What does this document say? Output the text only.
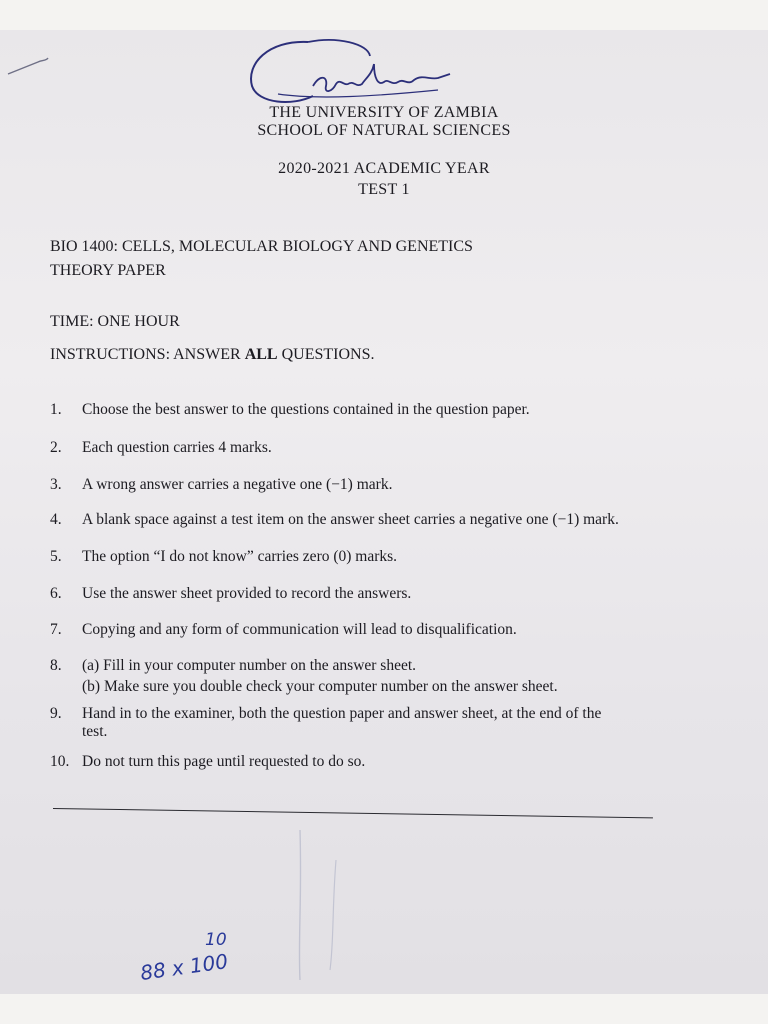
THE UNIVERSITY OF ZAMBIA
SCHOOL OF NATURAL SCIENCES
2020-2021 ACADEMIC YEAR
TEST 1
BIO 1400: CELLS, MOLECULAR BIOLOGY AND GENETICS
THEORY PAPER
TIME: ONE HOUR
INSTRUCTIONS: ANSWER ALL QUESTIONS.
1.	Choose the best answer to the questions contained in the question paper.
2.	Each question carries 4 marks.
3.	A wrong answer carries a negative one (−1) mark.
4.	A blank space against a test item on the answer sheet carries a negative one (−1) mark.
5.	The option “I do not know” carries zero (0) marks.
6.	Use the answer sheet provided to record the answers.
7.	Copying and any form of communication will lead to disqualification.
8.	(a) Fill in your computer number on the answer sheet.
(b) Make sure you double check your computer number on the answer sheet.
9.	Hand in to the examiner, both the question paper and answer sheet, at the end of the
test.
10. Do not turn this page until requested to do so.
10
88 x 100
